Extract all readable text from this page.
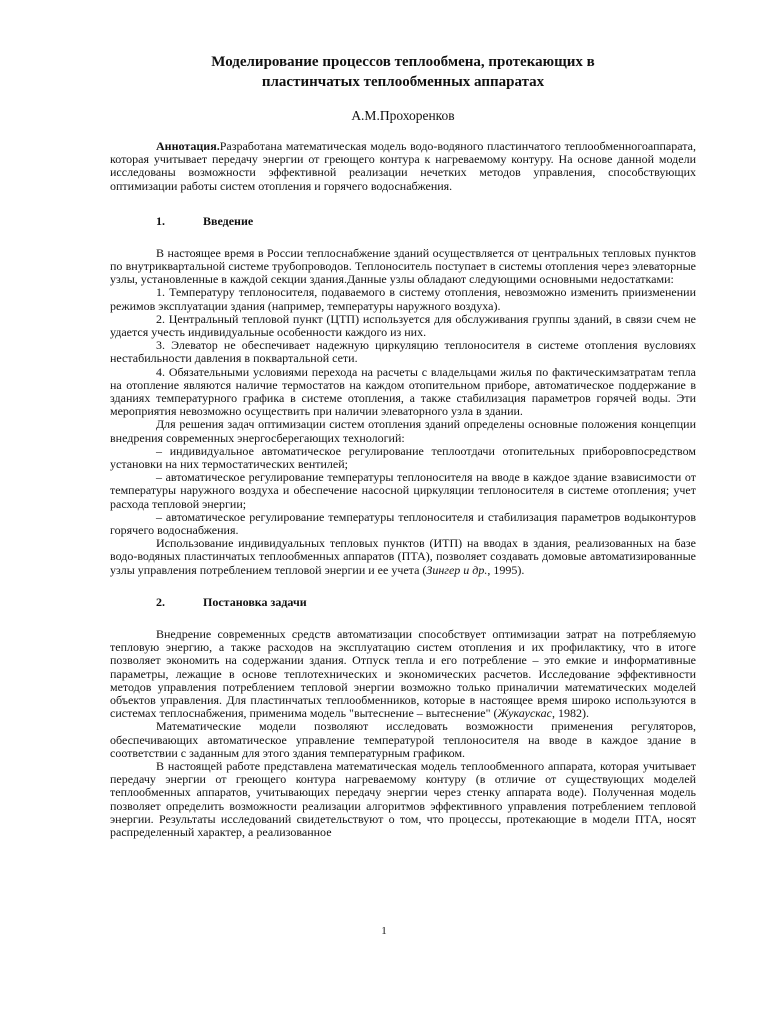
Моделирование процессов теплообмена, протекающих в
пластинчатых теплообменных аппаратах
А.М.Прохоренков

Аннотация.Разработана математическая модель водо-водяного пластинчатого теплообменногоаппарата, которая учитывает передачу энергии от греющего контура к нагреваемому контуру. На основе данной модели исследованы возможности эффективной реализации нечетких методов управления, способствующих оптимизации работы систем отопления и горячего водоснабжения.

1.	Введение

В настоящее время в России теплоснабжение зданий осуществляется от центральных тепловых пунктов по внутриквартальной системе трубопроводов. Теплоноситель поступает в системы отопления через элеваторные узлы, установленные в каждой секции здания.Данные узлы обладают следующими основными недостатками:

1. Температуру теплоносителя, подаваемого в систему отопления, невозможно изменить приизменении режимов эксплуатации здания (например, температуры наружного воздуха).

2. Центральный тепловой пункт (ЦТП) используется для обслуживания группы зданий, в связи счем не удается учесть индивидуальные особенности каждого из них.

3. Элеватор не обеспечивает надежную циркуляцию теплоносителя в системе отопления вусловиях нестабильности давления в поквартальной сети.

4. Обязательными условиями перехода на расчеты с владельцами жилья по фактическимзатратам тепла на отопление являются наличие термостатов на каждом отопительном приборе, автоматическое поддержание в зданиях температурного графика в системе отопления, а также стабилизация параметров горячей воды. Эти мероприятия невозможно осуществить при наличии элеваторного узла в здании.

Для решения задач оптимизации систем отопления зданий определены основные положения концепции внедрения современных энергосберегающих технологий:

– индивидуальное автоматическое регулирование теплоотдачи отопительных приборовпосредством установки на них термостатических вентилей;

– автоматическое регулирование температуры теплоносителя на вводе в каждое здание взависимости от температуры наружного воздуха и обеспечение насосной циркуляции теплоносителя в системе отопления; учет расхода тепловой энергии;

– автоматическое регулирование температуры теплоносителя и стабилизация параметров водыконтуров горячего водоснабжения.

Использование индивидуальных тепловых пунктов (ИТП) на вводах в здания, реализованных на базе водо-водяных пластинчатых теплообменных аппаратов (ПТА), позволяет создавать домовые автоматизированные узлы управления потреблением тепловой энергии и ее учета (Зингер и др., 1995).

2.	Постановка задачи

Внедрение современных средств автоматизации способствует оптимизации затрат на потребляемую тепловую энергию, а также расходов на эксплуатацию систем отопления и их профилактику, что в итоге позволяет экономить на содержании здания. Отпуск тепла и его потребление – это емкие и информативные параметры, лежащие в основе теплотехнических и экономических расчетов. Исследование эффективности методов управления потреблением тепловой энергии возможно только приналичии математических моделей объектов управления. Для пластинчатых теплообменников, которые в настоящее время широко используются в системах теплоснабжения, применима модель "вытеснение – вытеснение" (Жукаускас, 1982).

Математические модели позволяют исследовать возможности применения регуляторов, обеспечивающих автоматическое управление температурой теплоносителя на вводе в каждое здание в соответствии с заданным для этого здания температурным графиком.

В настоящей работе представлена математическая модель теплообменного аппарата, которая учитывает передачу энергии от греющего контура нагреваемому контуру (в отличие от существующих моделей теплообменных аппаратов, учитывающих передачу энергии через стенку аппарата воде). Полученная модель позволяет определить возможности реализации алгоритмов эффективного управления потреблением тепловой энергии. Результаты исследований свидетельствуют о том, что процессы, протекающие в модели ПТА, носят распределенный характер, а реализованное

1
